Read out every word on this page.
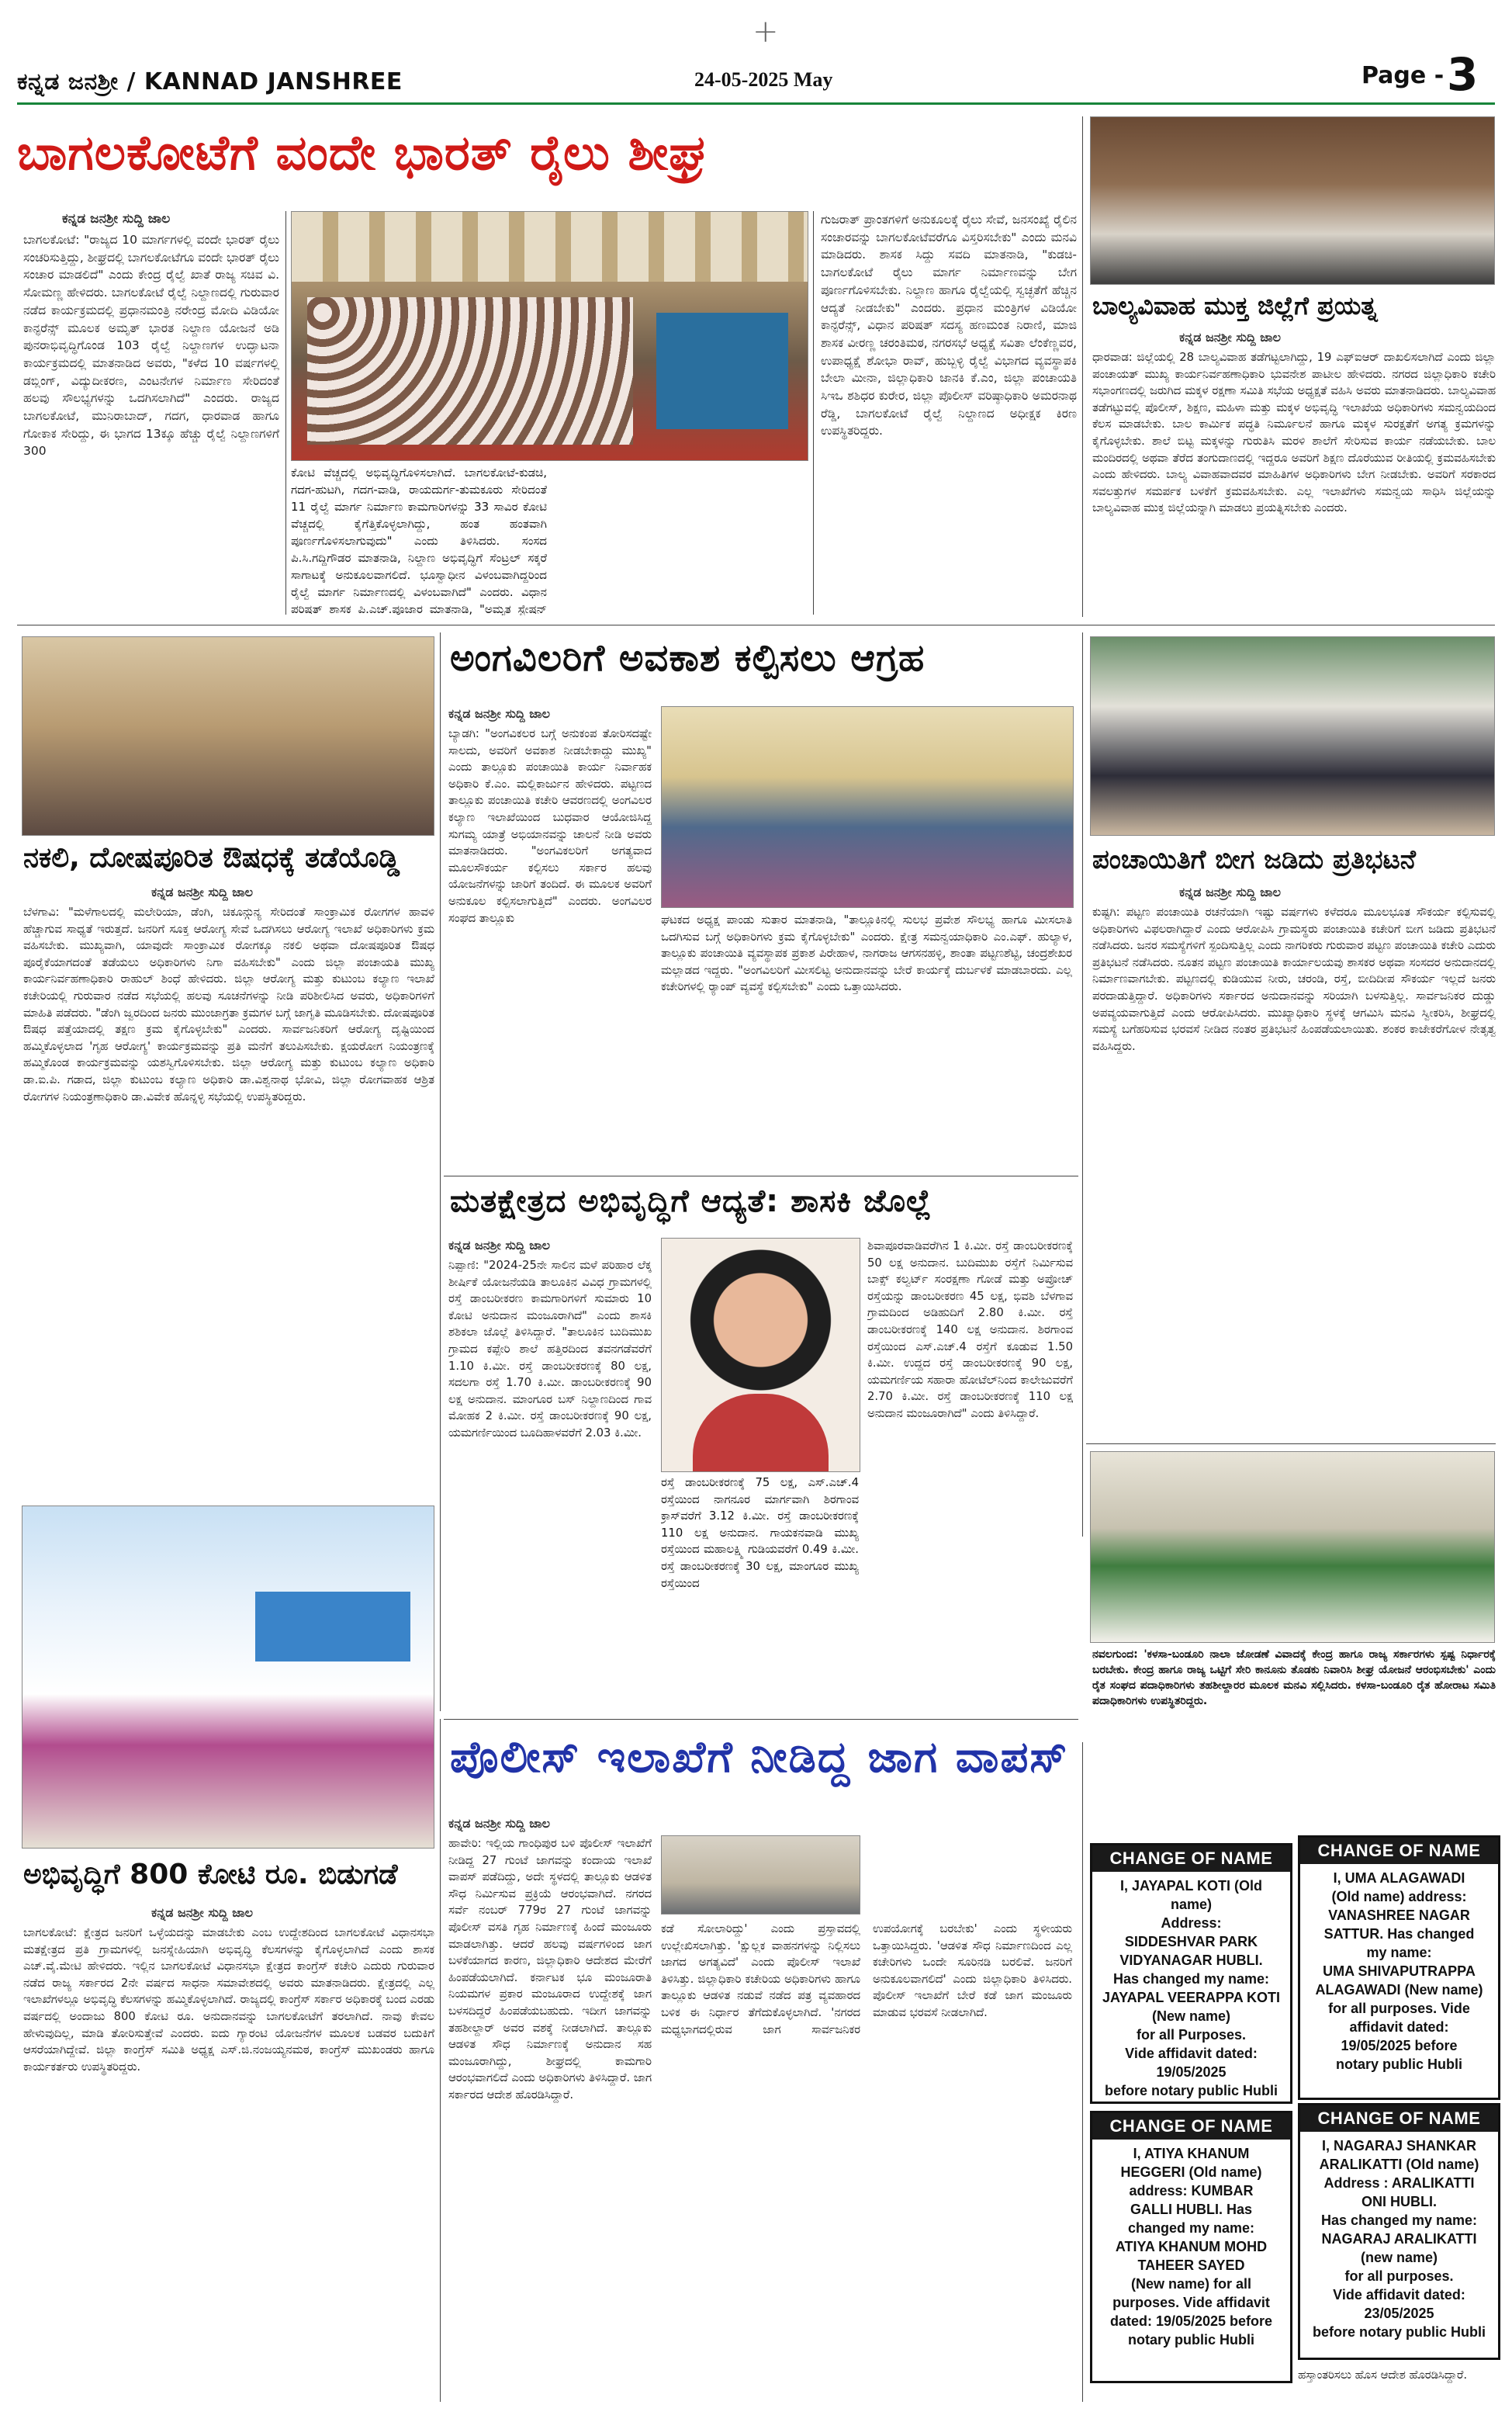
+
ಕನ್ನಡ ಜನಶ್ರೀ / KANNAD JANSHREE	24-05-2025 May	Page - 3
ಬಾಗಲಕೋಟೆಗೆ ವಂದೇ ಭಾರತ್ ರೈಲು ಶೀಘ್ರ
ಕನ್ನಡ ಜನಶ್ರೀ ಸುದ್ದಿ ಜಾಲ
ಬಾಗಲಕೋಟೆ: "ರಾಜ್ಯದ 10 ಮಾರ್ಗಗಳಲ್ಲಿ ವಂದೇ ಭಾರತ್ ರೈಲು ಸಂಚರಿಸುತ್ತಿದ್ದು, ಶೀಘ್ರದಲ್ಲಿ ಬಾಗಲಕೋಟೆಗೂ ವಂದೇ ಭಾರತ್ ರೈಲು ಸಂಚಾರ ಮಾಡಲಿದೆ" ಎಂದು ಕೇಂದ್ರ ರೈಲ್ವೆ ಖಾತೆ ರಾಜ್ಯ ಸಚಿವ ವಿ. ಸೋಮಣ್ಣ ಹೇಳಿದರು. ಬಾಗಲಕೋಟೆ ರೈಲ್ವೆ ನಿಲ್ದಾಣದಲ್ಲಿ ಗುರುವಾರ ನಡೆದ ಕಾರ್ಯಕ್ರಮದಲ್ಲಿ ಪ್ರಧಾನಮಂತ್ರಿ ನರೇಂದ್ರ ಮೋದಿ ವಿಡಿಯೋ ಕಾನ್ಫರೆನ್ಸ್ ಮೂಲಕ ಅಮೃತ್ ಭಾರತ ನಿಲ್ದಾಣ ಯೋಜನೆ ಅಡಿ ಪುನರಾಭಿವೃದ್ಧಿಗೊಂಡ 103 ರೈಲ್ವೆ ನಿಲ್ದಾಣಗಳ ಉದ್ಘಾಟನಾ ಕಾರ್ಯಕ್ರಮದಲ್ಲಿ ಮಾತನಾಡಿದ ಅವರು, "ಕಳೆದ 10 ವರ್ಷಗಳಲ್ಲಿ ಡಬ್ಲಿಂಗ್, ವಿದ್ಯುದೀಕರಣ, ಎಂಟನೇಗಳ ನಿರ್ಮಾಣ ಸೇರಿದಂತೆ ಹಲವು ಸೌಲಭ್ಯಗಳನ್ನು ಒದಗಿಸಲಾಗಿದೆ" ಎಂದರು. ರಾಜ್ಯದ ಬಾಗಲಕೋಟೆ, ಮುನಿರಾಬಾದ್, ಗದಗ, ಧಾರವಾಡ ಹಾಗೂ ಗೋಕಾಕ ಸೇರಿದ್ದು, ಈ ಭಾಗದ 13ಕ್ಕೂ ಹೆಚ್ಚು ರೈಲ್ವೆ ನಿಲ್ದಾಣಗಳಿಗೆ 300
ಕೋಟಿ ವೆಚ್ಚದಲ್ಲಿ ಅಭಿವೃದ್ಧಿಗೊಳಿಸಲಾಗಿದೆ. ಬಾಗಲಕೋಟೆ-ಕುಡಚಿ, ಗದಗ-ಹುಟಗಿ, ಗದಗ-ವಾಡಿ, ರಾಯದುರ್ಗ-ತುಮಕೂರು ಸೇರಿದಂತೆ 11 ರೈಲ್ವೆ ಮಾರ್ಗ ನಿರ್ಮಾಣ ಕಾಮಗಾರಿಗಳನ್ನು 33 ಸಾವಿರ ಕೋಟಿ ವೆಚ್ಚದಲ್ಲಿ ಕೈಗೆತ್ತಿಕೊಳ್ಳಲಾಗಿದ್ದು, ಹಂತ ಹಂತವಾಗಿ ಪೂರ್ಣಗೊಳಿಸಲಾಗುವುದು" ಎಂದು ತಿಳಿಸಿದರು. ಸಂಸದ ಪಿ.ಸಿ.ಗದ್ದಿಗೌಡರ ಮಾತನಾಡಿ, ನಿಲ್ದಾಣ ಅಭಿವೃದ್ಧಿಗೆ ಸೆಂಟ್ರಲ್ ಸಕ್ಕರೆ ಸಾಗಾಟಕ್ಕೆ ಅನುಕೂಲವಾಗಲಿದೆ. ಭೂಸ್ವಾಧೀನ ವಿಳಂಬವಾಗಿದ್ದರಿಂದ ರೈಲ್ವೆ ಮಾರ್ಗ ನಿರ್ಮಾಣದಲ್ಲಿ ವಿಳಂಬವಾಗಿದೆ" ಎಂದರು. ವಿಧಾನ ಪರಿಷತ್ ಶಾಸಕ ಪಿ.ಎಚ್.ಪೂಜಾರ ಮಾತನಾಡಿ, "ಅಮೃತ ಸ್ಟೇಷನ್
ಗುಜರಾತ್ ಪ್ರಾಂತಗಳಿಗೆ ಅನುಕೂಲಕ್ಕೆ ರೈಲು ಸೇವೆ, ಜನಸಂಖ್ಯೆ ರೈಲಿನ ಸಂಚಾರವನ್ನು ಬಾಗಲಕೋಟೆವರೆಗೂ ವಿಸ್ತರಿಸಬೇಕು" ಎಂದು ಮನವಿ ಮಾಡಿದರು. ಶಾಸಕ ಸಿದ್ದು ಸವದಿ ಮಾತನಾಡಿ, "ಕುಡಚಿ-ಬಾಗಲಕೋಟೆ ರೈಲು ಮಾರ್ಗ ನಿರ್ಮಾಣವನ್ನು ಬೇಗ ಪೂರ್ಣಗೊಳಿಸಬೇಕು. ನಿಲ್ದಾಣ ಹಾಗೂ ರೈಲ್ವೆಯಲ್ಲಿ ಸ್ವಚ್ಛತೆಗೆ ಹೆಚ್ಚಿನ ಆದ್ಯತೆ ನೀಡಬೇಕು" ಎಂದರು. ಪ್ರಧಾನ ಮಂತ್ರಿಗಳ ವಿಡಿಯೋ ಕಾನ್ಫರೆನ್ಸ್, ವಿಧಾನ ಪರಿಷತ್ ಸದಸ್ಯ ಹಣಮಂತ ನಿರಾಣಿ, ಮಾಜಿ ಶಾಸಕ ವೀರಣ್ಣ ಚರಂತಿಮಠ, ನಗರಸಭೆ ಅಧ್ಯಕ್ಷೆ ಸವಿತಾ ಲೆಂಕೆಣ್ಣವರ, ಉಪಾಧ್ಯಕ್ಷೆ ಶೋಭಾ ರಾವ್, ಹುಬ್ಬಳ್ಳಿ ರೈಲ್ವೆ ವಿಭಾಗದ ವ್ಯವಸ್ಥಾಪಕಿ ಬೇಲಾ ಮೀನಾ, ಜಿಲ್ಲಾಧಿಕಾರಿ ಜಾನಕಿ ಕೆ.ಎಂ, ಜಿಲ್ಲಾ ಪಂಚಾಯತಿ ಸಿಇಒ ಶಶಿಧರ ಕುರೇರ, ಜಿಲ್ಲಾ ಪೊಲೀಸ್ ವರಿಷ್ಠಾಧಿಕಾರಿ ಅಮರನಾಥ ರೆಡ್ಡಿ, ಬಾಗಲಕೋಟೆ ರೈಲ್ವೆ ನಿಲ್ದಾಣದ ಅಧೀಕ್ಷಕ ಕಿರಣ ಉಪಸ್ಥಿತರಿದ್ದರು.
ಬಾಲ್ಯವಿವಾಹ ಮುಕ್ತ ಜಿಲ್ಲೆಗೆ ಪ್ರಯತ್ನ
ಕನ್ನಡ ಜನಶ್ರೀ ಸುದ್ದಿ ಜಾಲ
ಧಾರವಾಡ: ಜಿಲ್ಲೆಯಲ್ಲಿ 28 ಬಾಲ್ಯವಿವಾಹ ತಡೆಗಟ್ಟಲಾಗಿದ್ದು, 19 ಎಫ್ಐಆರ್ ದಾಖಲಿಸಲಾಗಿದೆ ಎಂದು ಜಿಲ್ಲಾ ಪಂಚಾಯತ್ ಮುಖ್ಯ ಕಾರ್ಯನಿರ್ವಹಣಾಧಿಕಾರಿ ಭುವನೇಶ ಪಾಟೀಲ ಹೇಳಿದರು. ನಗರದ ಜಿಲ್ಲಾಧಿಕಾರಿ ಕಚೇರಿ ಸಭಾಂಗಣದಲ್ಲಿ ಜರುಗಿದ ಮಕ್ಕಳ ರಕ್ಷಣಾ ಸಮಿತಿ ಸಭೆಯ ಅಧ್ಯಕ್ಷತೆ ವಹಿಸಿ ಅವರು ಮಾತನಾಡಿದರು. ಬಾಲ್ಯವಿವಾಹ ತಡೆಗಟ್ಟುವಲ್ಲಿ ಪೊಲೀಸ್, ಶಿಕ್ಷಣ, ಮಹಿಳಾ ಮತ್ತು ಮಕ್ಕಳ ಅಭಿವೃದ್ಧಿ ಇಲಾಖೆಯ ಅಧಿಕಾರಿಗಳು ಸಮನ್ವಯದಿಂದ ಕೆಲಸ ಮಾಡಬೇಕು. ಬಾಲ ಕಾರ್ಮಿಕ ಪದ್ಧತಿ ನಿರ್ಮೂಲನೆ ಹಾಗೂ ಮಕ್ಕಳ ಸುರಕ್ಷತೆಗೆ ಅಗತ್ಯ ಕ್ರಮಗಳನ್ನು ಕೈಗೊಳ್ಳಬೇಕು. ಶಾಲೆ ಬಿಟ್ಟ ಮಕ್ಕಳನ್ನು ಗುರುತಿಸಿ ಮರಳಿ ಶಾಲೆಗೆ ಸೇರಿಸುವ ಕಾರ್ಯ ನಡೆಯಬೇಕು. ಬಾಲ ಮಂದಿರದಲ್ಲಿ ಅಥವಾ ತೆರೆದ ತಂಗುದಾಣದಲ್ಲಿ ಇದ್ದರೂ ಅವರಿಗೆ ಶಿಕ್ಷಣ ದೊರೆಯುವ ರೀತಿಯಲ್ಲಿ ಕ್ರಮವಹಿಸಬೇಕು ಎಂದು ಹೇಳಿದರು. ಬಾಲ್ಯ ವಿವಾಹವಾದವರ ಮಾಹಿತಿಗಳ ಅಧಿಕಾರಿಗಳು ಬೇಗ ನೀಡಬೇಕು. ಅವರಿಗೆ ಸರಕಾರದ ಸವಲತ್ತುಗಳ ಸಮರ್ಪಕ ಬಳಕೆಗೆ ಕ್ರಮವಹಿಸಬೇಕು. ಎಲ್ಲ ಇಲಾಖೆಗಳು ಸಮನ್ವಯ ಸಾಧಿಸಿ ಜಿಲ್ಲೆಯನ್ನು ಬಾಲ್ಯವಿವಾಹ ಮುಕ್ತ ಜಿಲ್ಲೆಯನ್ನಾಗಿ ಮಾಡಲು ಪ್ರಯತ್ನಿಸಬೇಕು ಎಂದರು.
ನಕಲಿ, ದೋಷಪೂರಿತ ಔಷಧಕ್ಕೆ ತಡೆಯೊಡ್ಡಿ
ಕನ್ನಡ ಜನಶ್ರೀ ಸುದ್ದಿ ಜಾಲ
ಬೆಳಗಾವಿ: "ಮಳೆಗಾಲದಲ್ಲಿ ಮಲೇರಿಯಾ, ಡೆಂಗಿ, ಚಿಕೂನ್ಗುನ್ಯ ಸೇರಿದಂತೆ ಸಾಂಕ್ರಾಮಿಕ ರೋಗಗಳ ಹಾವಳಿ ಹೆಚ್ಚಾಗುವ ಸಾಧ್ಯತೆ ಇರುತ್ತದೆ. ಜನರಿಗೆ ಸೂಕ್ತ ಆರೋಗ್ಯ ಸೇವೆ ಒದಗಿಸಲು ಆರೋಗ್ಯ ಇಲಾಖೆ ಅಧಿಕಾರಿಗಳು ಕ್ರಮ ವಹಿಸಬೇಕು. ಮುಖ್ಯವಾಗಿ, ಯಾವುದೇ ಸಾಂಕ್ರಾಮಿಕ ರೋಗಕ್ಕೂ ನಕಲಿ ಅಥವಾ ದೋಷಪೂರಿತ ಔಷಧ ಪೂರೈಕೆಯಾಗದಂತೆ ತಡೆಯಲು ಅಧಿಕಾರಿಗಳು ನಿಗಾ ವಹಿಸಬೇಕು" ಎಂದು ಜಿಲ್ಲಾ ಪಂಚಾಯತಿ ಮುಖ್ಯ ಕಾರ್ಯನಿರ್ವಹಣಾಧಿಕಾರಿ ರಾಹುಲ್ ಶಿಂಧೆ ಹೇಳಿದರು. ಜಿಲ್ಲಾ ಆರೋಗ್ಯ ಮತ್ತು ಕುಟುಂಬ ಕಲ್ಯಾಣ ಇಲಾಖೆ ಕಚೇರಿಯಲ್ಲಿ ಗುರುವಾರ ನಡೆದ ಸಭೆಯಲ್ಲಿ ಹಲವು ಸೂಚನೆಗಳನ್ನು ನೀಡಿ ಪರಿಶೀಲಿಸಿದ ಅವರು, ಅಧಿಕಾರಿಗಳಿಗೆ ಮಾಹಿತಿ ಪಡೆದರು. "ಡೆಂಗಿ ಜ್ವರದಿಂದ ಜನರು ಮುಂಜಾಗ್ರತಾ ಕ್ರಮಗಳ ಬಗ್ಗೆ ಜಾಗೃತಿ ಮೂಡಿಸಬೇಕು. ದೋಷಪೂರಿತ ಔಷಧ ಪತ್ತೆಯಾದಲ್ಲಿ ತಕ್ಷಣ ಕ್ರಮ ಕೈಗೊಳ್ಳಬೇಕು" ಎಂದರು. ಸಾರ್ವಜನಿಕರಿಗೆ ಆರೋಗ್ಯ ದೃಷ್ಟಿಯಿಂದ ಹಮ್ಮಿಕೊಳ್ಳಲಾದ 'ಗೃಹ ಆರೋಗ್ಯ' ಕಾರ್ಯಕ್ರಮವನ್ನು ಪ್ರತಿ ಮನೆಗೆ ತಲುಪಿಸಬೇಕು. ಕ್ಷಯರೋಗ ನಿಯಂತ್ರಣಕ್ಕೆ ಹಮ್ಮಿಕೊಂಡ ಕಾರ್ಯಕ್ರಮವನ್ನು ಯಶಸ್ವಿಗೊಳಿಸಬೇಕು. ಜಿಲ್ಲಾ ಆರೋಗ್ಯ ಮತ್ತು ಕುಟುಂಬ ಕಲ್ಯಾಣ ಅಧಿಕಾರಿ ಡಾ.ಐ.ಪಿ. ಗಡಾದ, ಜಿಲ್ಲಾ ಕುಟುಂಬ ಕಲ್ಯಾಣ ಅಧಿಕಾರಿ ಡಾ.ವಿಶ್ವನಾಥ ಭೋವಿ, ಜಿಲ್ಲಾ ರೋಗವಾಹಕ ಆಶ್ರಿತ ರೋಗಗಳ ನಿಯಂತ್ರಣಾಧಿಕಾರಿ ಡಾ.ವಿವೇಕ ಹೊನ್ನಳ್ಳಿ ಸಭೆಯಲ್ಲಿ ಉಪಸ್ಥಿತರಿದ್ದರು.
ಅಂಗವಿಲರಿಗೆ ಅವಕಾಶ ಕಲ್ಪಿಸಲು ಆಗ್ರಹ
ಕನ್ನಡ ಜನಶ್ರೀ ಸುದ್ದಿ ಜಾಲ
ಬ್ಯಾಡಗಿ: "ಅಂಗವಿಕಲರ ಬಗ್ಗೆ ಅನುಕಂಪ ತೋರಿಸದಷ್ಟೇ ಸಾಲದು, ಅವರಿಗೆ ಅವಕಾಶ ನೀಡಬೇಕಾದ್ದು ಮುಖ್ಯ" ಎಂದು ತಾಲ್ಲೂಕು ಪಂಚಾಯಿತಿ ಕಾರ್ಯ ನಿರ್ವಾಹಕ ಅಧಿಕಾರಿ ಕೆ.ಎಂ. ಮಲ್ಲಿಕಾರ್ಜುನ ಹೇಳಿದರು. ಪಟ್ಟಣದ ತಾಲ್ಲೂಕು ಪಂಚಾಯಿತಿ ಕಚೇರಿ ಆವರಣದಲ್ಲಿ ಅಂಗವಿಲರ ಕಲ್ಯಾಣ ಇಲಾಖೆಯಿಂದ ಬುಧವಾರ ಆಯೋಜಿಸಿದ್ದ ಸುಗಮ್ಯ ಯಾತ್ರೆ ಅಭಿಯಾನವನ್ನು ಚಾಲನೆ ನೀಡಿ ಅವರು ಮಾತನಾಡಿದರು. "ಅಂಗವಿಕಲರಿಗೆ ಅಗತ್ಯವಾದ ಮೂಲಸೌಕರ್ಯ ಕಲ್ಪಿಸಲು ಸರ್ಕಾರ ಹಲವು ಯೋಜನೆಗಳನ್ನು ಜಾರಿಗೆ ತಂದಿದೆ. ಈ ಮೂಲಕ ಅವರಿಗೆ ಅನುಕೂಲ ಕಲ್ಪಿಸಲಾಗುತ್ತಿದೆ" ಎಂದರು. ಅಂಗವಿಲರ ಸಂಘದ ತಾಲ್ಲೂಕು	ಘಟಕದ ಅಧ್ಯಕ್ಷ ಪಾಂಡು ಸುತಾರ ಮಾತನಾಡಿ, "ತಾಲ್ಲೂಕಿನಲ್ಲಿ ಸುಲಭ ಪ್ರವೇಶ ಸೌಲಭ್ಯ ಹಾಗೂ ಮೀಸಲಾತಿ ಒದಗಿಸುವ ಬಗ್ಗೆ ಅಧಿಕಾರಿಗಳು ಕ್ರಮ ಕೈಗೊಳ್ಳಬೇಕು" ಎಂದರು. ಕ್ಷೇತ್ರ ಸಮನ್ವಯಾಧಿಕಾರಿ ಎಂ.ಎಫ್. ಹುಲ್ಯಾಳ, ತಾಲ್ಲೂಕು ಪಂಚಾಯಿತಿ ವ್ಯವಸ್ಥಾಪಕ ಪ್ರಕಾಶ ಪಿರೇಹಾಳ, ನಾಗರಾಜ ಆಗಸನಹಳ್ಳಿ, ಶಾಂತಾ ಪಟ್ಟಣಶೆಟ್ಟಿ, ಚಂದ್ರಶೇಖರ ಮಲ್ಲಾಡದ ಇದ್ದರು. "ಅಂಗವಿಲರಿಗೆ ಮೀಸಲಿಟ್ಟ ಅನುದಾನವನ್ನು ಬೇರೆ ಕಾರ್ಯಕ್ಕೆ ದುರ್ಬಳಕೆ ಮಾಡಬಾರದು. ಎಲ್ಲ ಕಚೇರಿಗಳಲ್ಲಿ ರ್‍ಯಾಂಪ್ ವ್ಯವಸ್ಥೆ ಕಲ್ಪಿಸಬೇಕು" ಎಂದು ಒತ್ತಾಯಿಸಿದರು.
ಪಂಚಾಯಿತಿಗೆ ಬೀಗ ಜಡಿದು ಪ್ರತಿಭಟನೆ
ಕನ್ನಡ ಜನಶ್ರೀ ಸುದ್ದಿ ಜಾಲ
ಕುಷ್ಟಗಿ: ಪಟ್ಟಣ ಪಂಚಾಯಿತಿ ರಚನೆಯಾಗಿ ಇಷ್ಟು ವರ್ಷಗಳು ಕಳೆದರೂ ಮೂಲಭೂತ ಸೌಕರ್ಯ ಕಲ್ಪಿಸುವಲ್ಲಿ ಅಧಿಕಾರಿಗಳು ವಿಫಲರಾಗಿದ್ದಾರೆ ಎಂದು ಆರೋಪಿಸಿ ಗ್ರಾಮಸ್ಥರು ಪಂಚಾಯಿತಿ ಕಚೇರಿಗೆ ಬೀಗ ಜಡಿದು ಪ್ರತಿಭಟನೆ ನಡೆಸಿದರು. ಜನರ ಸಮಸ್ಯೆಗಳಿಗೆ ಸ್ಪಂದಿಸುತ್ತಿಲ್ಲ ಎಂದು ನಾಗರಿಕರು ಗುರುವಾರ ಪಟ್ಟಣ ಪಂಚಾಯಿತಿ ಕಚೇರಿ ಎದುರು ಪ್ರತಿಭಟನೆ ನಡೆಸಿದರು. ನೂತನ ಪಟ್ಟಣ ಪಂಚಾಯಿತಿ ಕಾರ್ಯಾಲಯವು ಶಾಸಕರ ಅಥವಾ ಸಂಸದರ ಅನುದಾನದಲ್ಲಿ ನಿರ್ಮಾಣವಾಗಬೇಕು. ಪಟ್ಟಣದಲ್ಲಿ ಕುಡಿಯುವ ನೀರು, ಚರಂಡಿ, ರಸ್ತೆ, ಬೀದಿದೀಪ ಸೌಕರ್ಯ ಇಲ್ಲದೆ ಜನರು ಪರದಾಡುತ್ತಿದ್ದಾರೆ. ಅಧಿಕಾರಿಗಳು ಸರ್ಕಾರದ ಅನುದಾನವನ್ನು ಸರಿಯಾಗಿ ಬಳಸುತ್ತಿಲ್ಲ. ಸಾರ್ವಜನಿಕರ ದುಡ್ಡು ಅಪವ್ಯಯವಾಗುತ್ತಿದೆ ಎಂದು ಆರೋಪಿಸಿದರು. ಮುಖ್ಯಾಧಿಕಾರಿ ಸ್ಥಳಕ್ಕೆ ಆಗಮಿಸಿ ಮನವಿ ಸ್ವೀಕರಿಸಿ, ಶೀಘ್ರದಲ್ಲಿ ಸಮಸ್ಯೆ ಬಗೆಹರಿಸುವ ಭರವಸೆ ನೀಡಿದ ನಂತರ ಪ್ರತಿಭಟನೆ ಹಿಂಪಡೆಯಲಾಯಿತು. ಶಂಕರ ಕಾಜೇಕರೆಗೋಳ ನೇತೃತ್ವ ವಹಿಸಿದ್ದರು.
ಮತಕ್ಷೇತ್ರದ ಅಭಿವೃದ್ಧಿಗೆ ಆದ್ಯತೆ: ಶಾಸಕಿ ಜೊಲ್ಲೆ
ಕನ್ನಡ ಜನಶ್ರೀ ಸುದ್ದಿ ಜಾಲ
ನಿಪ್ಪಾಣಿ: "2024-25ನೇ ಸಾಲಿನ ಮಳೆ ಪರಿಹಾರ ಲೆಕ್ಕ ಶೀರ್ಷಿಕೆ ಯೋಜನೆಯಡಿ ತಾಲೂಕಿನ ವಿವಿಧ ಗ್ರಾಮಗಳಲ್ಲಿ ರಸ್ತೆ ಡಾಂಬರೀಕರಣ ಕಾಮಗಾರಿಗಳಿಗೆ ಸುಮಾರು 10 ಕೋಟಿ ಅನುದಾನ ಮಂಜೂರಾಗಿದೆ" ಎಂದು ಶಾಸಕಿ ಶಶಿಕಲಾ ಜೊಲ್ಲೆ ತಿಳಿಸಿದ್ದಾರೆ. "ತಾಲೂಕಿನ ಬುದಿಮುಖ ಗ್ರಾಮದ ಕಪ್ಪೇರಿ ಶಾಲೆ ಹತ್ತಿರದಿಂದ ತವನಗಡೆವರೆಗೆ 1.10 ಕಿ.ಮೀ. ರಸ್ತೆ ಡಾಂಬರೀಕರಣಕ್ಕೆ 80 ಲಕ್ಷ, ಸದಲಗಾ ರಸ್ತೆ 1.70 ಕಿ.ಮೀ. ಡಾಂಬರೀಕರಣಕ್ಕೆ 90 ಲಕ್ಷ ಅನುದಾನ. ಮಾಂಗೂರ ಬಸ್ ನಿಲ್ದಾಣದಿಂದ ಗಾವ ಮೋಹಕ 2 ಕಿ.ಮೀ. ರಸ್ತೆ ಡಾಂಬರೀಕರಣಕ್ಕೆ 90 ಲಕ್ಷ, ಯಮಗರ್ಣಿಯಿಂದ ಬೂದಿಹಾಳವರೆಗೆ 2.03 ಕಿ.ಮೀ.
ರಸ್ತೆ ಡಾಂಬರೀಕರಣಕ್ಕೆ 75 ಲಕ್ಷ, ಎಸ್.ಎಚ್.4 ರಸ್ತೆಯಿಂದ ನಾಗನೂರ ಮಾರ್ಗವಾಗಿ ಶಿರಗಾಂವ ಕ್ರಾಸ್‌ವರೆಗೆ 3.12 ಕಿ.ಮೀ. ರಸ್ತೆ ಡಾಂಬರೀಕರಣಕ್ಕೆ 110 ಲಕ್ಷ ಅನುದಾನ. ಗಾಯಕನವಾಡಿ ಮುಖ್ಯ ರಸ್ತೆಯಿಂದ ಮಹಾಲಕ್ಷ್ಮಿ ಗುಡಿಯವರೆಗೆ 0.49 ಕಿ.ಮೀ. ರಸ್ತೆ ಡಾಂಬರೀಕರಣಕ್ಕೆ 30 ಲಕ್ಷ, ಮಾಂಗೂರ ಮುಖ್ಯ ರಸ್ತೆಯಿಂದ
ಶಿವಾಪೂರವಾಡಿವರೆಗಿನ 1 ಕಿ.ಮೀ. ರಸ್ತೆ ಡಾಂಬರೀಕರಣಕ್ಕೆ 50 ಲಕ್ಷ ಅನುದಾನ. ಬುದಿಮುಖ ರಸ್ತೆಗೆ ನಿರ್ಮಿಸುವ ಬಾಕ್ಸ್ ಕಲ್ವರ್ಟ್ ಸಂರಕ್ಷಣಾ ಗೋಡೆ ಮತ್ತು ಅಪ್ರೋಚ್ ರಸ್ತೆಯನ್ನು ಡಾಂಬರೀಕರಣ 45 ಲಕ್ಷ, ಭಿವಶಿ ಬೆಳಗಾವ ಗ್ರಾಮದಿಂದ ಅಡಿಹುದಿಗೆ 2.80 ಕಿ.ಮೀ. ರಸ್ತೆ ಡಾಂಬರೀಕರಣಕ್ಕೆ 140 ಲಕ್ಷ ಅನುದಾನ. ಶಿರಗಾಂವ ರಸ್ತೆಯಿಂದ ಎಸ್.ಎಚ್.4 ರಸ್ತೆಗೆ ಕೂಡುವ 1.50 ಕಿ.ಮೀ. ಉದ್ದದ ರಸ್ತೆ ಡಾಂಬರೀಕರಣಕ್ಕೆ 90 ಲಕ್ಷ, ಯಮಗರ್ಣಿಯ ಸಹಾರಾ ಹೋಟೆಲ್‌ನಿಂದ ಕಾಲೇಜುವರೆಗೆ 2.70 ಕಿ.ಮೀ. ರಸ್ತೆ ಡಾಂಬರೀಕರಣಕ್ಕೆ 110 ಲಕ್ಷ ಅನುದಾನ ಮಂಜೂರಾಗಿದೆ" ಎಂದು ತಿಳಿಸಿದ್ದಾರೆ.
ನವಲಗುಂದ: 'ಕಳಸಾ-ಬಂಡೂರಿ ನಾಲಾ ಜೋಡಣೆ ವಿವಾದಕ್ಕೆ ಕೇಂದ್ರ ಹಾಗೂ ರಾಜ್ಯ ಸರ್ಕಾರಗಳು ಸ್ಪಷ್ಟ ನಿರ್ಧಾರಕ್ಕೆ ಬರಬೇಕು. ಕೇಂದ್ರ ಹಾಗೂ ರಾಜ್ಯ ಒಟ್ಟಿಗೆ ಸೇರಿ ಕಾನೂನು ತೊಡಕು ನಿವಾರಿಸಿ ಶೀಘ್ರ ಯೋಜನೆ ಆರಂಭಿಸಬೇಕು' ಎಂದು ರೈತ ಸಂಘದ ಪದಾಧಿಕಾರಿಗಳು ತಹಶೀಲ್ದಾರರ ಮೂಲಕ ಮನವಿ ಸಲ್ಲಿಸಿದರು. ಕಳಸಾ-ಬಂಡೂರಿ ರೈತ ಹೋರಾಟ ಸಮಿತಿ ಪದಾಧಿಕಾರಿಗಳು ಉಪಸ್ಥಿತರಿದ್ದರು.
ಅಭಿವೃದ್ಧಿಗೆ 800 ಕೋಟಿ ರೂ. ಬಿಡುಗಡೆ
ಕನ್ನಡ ಜನಶ್ರೀ ಸುದ್ದಿ ಜಾಲ
ಬಾಗಲಕೋಟೆ: ಕ್ಷೇತ್ರದ ಜನರಿಗೆ ಒಳ್ಳೆಯದನ್ನು ಮಾಡಬೇಕು ಎಂಬ ಉದ್ದೇಶದಿಂದ ಬಾಗಲಕೋಟೆ ವಿಧಾನಸಭಾ ಮತಕ್ಷೇತ್ರದ ಪ್ರತಿ ಗ್ರಾಮಗಳಲ್ಲಿ ಜನಸ್ನೇಹಿಯಾಗಿ ಅಭಿವೃದ್ಧಿ ಕೆಲಸಗಳನ್ನು ಕೈಗೊಳ್ಳಲಾಗಿದೆ ಎಂದು ಶಾಸಕ ಎಚ್.ವೈ.ಮೇಟಿ ಹೇಳಿದರು. ಇಲ್ಲಿನ ಬಾಗಲಕೋಟೆ ವಿಧಾನಸಭಾ ಕ್ಷೇತ್ರದ ಕಾಂಗ್ರೆಸ್ ಕಚೇರಿ ಎದುರು ಗುರುವಾರ ನಡೆದ ರಾಜ್ಯ ಸರ್ಕಾರದ 2ನೇ ವರ್ಷದ ಸಾಧನಾ ಸಮಾವೇಶದಲ್ಲಿ ಅವರು ಮಾತನಾಡಿದರು. ಕ್ಷೇತ್ರದಲ್ಲಿ ಎಲ್ಲ ಇಲಾಖೆಗಳಲ್ಲೂ ಅಭಿವೃದ್ಧಿ ಕೆಲಸಗಳನ್ನು ಹಮ್ಮಿಕೊಳ್ಳಲಾಗಿದೆ. ರಾಜ್ಯದಲ್ಲಿ ಕಾಂಗ್ರೆಸ್ ಸರ್ಕಾರ ಅಧಿಕಾರಕ್ಕೆ ಬಂದ ಎರಡು ವರ್ಷದಲ್ಲಿ ಅಂದಾಜು 800 ಕೋಟಿ ರೂ. ಅನುದಾನವನ್ನು ಬಾಗಲಕೋಟೆಗೆ ತರಲಾಗಿದೆ. ನಾವು ಕೇವಲ ಹೇಳುವುದಿಲ್ಲ, ಮಾಡಿ ತೋರಿಸುತ್ತೇವೆ ಎಂದರು. ಐದು ಗ್ಯಾರಂಟಿ ಯೋಜನೆಗಳ ಮೂಲಕ ಬಡವರ ಬದುಕಿಗೆ ಆಸರೆಯಾಗಿದ್ದೇವೆ. ಜಿಲ್ಲಾ ಕಾಂಗ್ರೆಸ್ ಸಮಿತಿ ಅಧ್ಯಕ್ಷ ಎಸ್.ಜಿ.ನಂಜಯ್ಯನಮಠ, ಕಾಂಗ್ರೆಸ್ ಮುಖಂಡರು ಹಾಗೂ ಕಾರ್ಯಕರ್ತರು ಉಪಸ್ಥಿತರಿದ್ದರು.
ಪೊಲೀಸ್ ಇಲಾಖೆಗೆ ನೀಡಿದ್ದ ಜಾಗ ವಾಪಸ್
ಕನ್ನಡ ಜನಶ್ರೀ ಸುದ್ದಿ ಜಾಲ
ಹಾವೇರಿ: ಇಲ್ಲಿಯ ಗಾಂಧಿಪುರ ಬಳಿ ಪೊಲೀಸ್ ಇಲಾಖೆಗೆ ನೀಡಿದ್ದ 27 ಗುಂಟೆ ಜಾಗವನ್ನು ಕಂದಾಯ ಇಲಾಖೆ ವಾಪಸ್ ಪಡೆದಿದ್ದು, ಅದೇ ಸ್ಥಳದಲ್ಲಿ ತಾಲ್ಲೂಕು ಆಡಳಿತ ಸೌಧ ನಿರ್ಮಿಸುವ ಪ್ರಕ್ರಿಯೆ ಆರಂಭವಾಗಿದೆ. ನಗರದ ಸರ್ವೆ ನಂಬರ್ 779ರ 27 ಗುಂಟೆ ಜಾಗವನ್ನು ಪೊಲೀಸ್ ವಸತಿ ಗೃಹ ನಿರ್ಮಾಣಕ್ಕೆ ಹಿಂದೆ ಮಂಜೂರು ಮಾಡಲಾಗಿತ್ತು. ಆದರೆ ಹಲವು ವರ್ಷಗಳಿಂದ ಜಾಗ ಬಳಕೆಯಾಗದ ಕಾರಣ, ಜಿಲ್ಲಾಧಿಕಾರಿ ಆದೇಶದ ಮೇರೆಗೆ ಹಿಂಪಡೆಯಲಾಗಿದೆ. ಕರ್ನಾಟಕ ಭೂ ಮಂಜೂರಾತಿ ನಿಯಮಗಳ ಪ್ರಕಾರ ಮಂಜೂರಾದ ಉದ್ದೇಶಕ್ಕೆ ಜಾಗ ಬಳಸದಿದ್ದರೆ ಹಿಂಪಡೆಯಬಹುದು. ಇದೀಗ ಜಾಗವನ್ನು ತಹಶೀಲ್ದಾರ್ ಅವರ ವಶಕ್ಕೆ ನೀಡಲಾಗಿದೆ. ತಾಲ್ಲೂಕು ಆಡಳಿತ ಸೌಧ ನಿರ್ಮಾಣಕ್ಕೆ ಅನುದಾನ ಸಹ ಮಂಜೂರಾಗಿದ್ದು, ಶೀಘ್ರದಲ್ಲಿ ಕಾಮಗಾರಿ ಆರಂಭವಾಗಲಿದೆ ಎಂದು ಅಧಿಕಾರಿಗಳು ತಿಳಿಸಿದ್ದಾರೆ. ಜಾಗ ಸರ್ಕಾರದ ಆದೇಶ ಹೊರಡಿಸಿದ್ದಾರೆ.
ಕಡೆ ಸೋಲಾರಿದ್ದು' ಎಂದು ಪ್ರಸ್ತಾವದಲ್ಲಿ ಉಲ್ಲೇಖಿಸಲಾಗಿತ್ತು. 'ಕ್ಷುಲ್ಲಕ ವಾಹನಗಳನ್ನು ನಿಲ್ಲಿಸಲು ಜಾಗದ ಅಗತ್ಯವಿದೆ' ಎಂದು ಪೊಲೀಸ್ ಇಲಾಖೆ ತಿಳಿಸಿತ್ತು. ಜಿಲ್ಲಾಧಿಕಾರಿ ಕಚೇರಿಯ ಅಧಿಕಾರಿಗಳು ಹಾಗೂ ತಾಲ್ಲೂಕು ಆಡಳಿತ ನಡುವೆ ನಡೆದ ಪತ್ರ ವ್ಯವಹಾರದ ಬಳಿಕ ಈ ನಿರ್ಧಾರ ತೆಗೆದುಕೊಳ್ಳಲಾಗಿದೆ. 'ನಗರದ ಮಧ್ಯಭಾಗದಲ್ಲಿರುವ ಜಾಗ ಸಾರ್ವಜನಿಕರ ಉಪಯೋಗಕ್ಕೆ ಬರಬೇಕು' ಎಂದು ಸ್ಥಳೀಯರು ಒತ್ತಾಯಿಸಿದ್ದರು. 'ಆಡಳಿತ ಸೌಧ ನಿರ್ಮಾಣದಿಂದ ಎಲ್ಲ ಕಚೇರಿಗಳು ಒಂದೇ ಸೂರಿನಡಿ ಬರಲಿವೆ. ಜನರಿಗೆ ಅನುಕೂಲವಾಗಲಿದೆ' ಎಂದು ಜಿಲ್ಲಾಧಿಕಾರಿ ತಿಳಿಸಿದರು. ಪೊಲೀಸ್ ಇಲಾಖೆಗೆ ಬೇರೆ ಕಡೆ ಜಾಗ ಮಂಜೂರು ಮಾಡುವ ಭರವಸೆ ನೀಡಲಾಗಿದೆ.
CHANGE OF NAME
I, JAYAPAL KOTI (Old name)
Address:
SIDDESHVAR PARK
VIDYANAGAR HUBLI.
Has changed my name:
JAYAPAL VEERAPPA KOTI
(New name)
for all Purposes.
Vide affidavit dated:
19/05/2025
before notary public Hubli
CHANGE OF NAME
I, UMA ALAGAWADI
(Old name) address:
VANASHREE NAGAR
SATTUR. Has changed
my name:
UMA SHIVAPUTRAPPA
ALAGAWADI (New name)
for all purposes. Vide
affidavit dated:
19/05/2025 before
notary public Hubli
CHANGE OF NAME
I, ATIYA KHANUM
HEGGERI (Old name)
address: KUMBAR
GALLI HUBLI. Has
changed my name:
ATIYA KHANUM MOHD
TAHEER SAYED
(New name) for all
purposes. Vide affidavit
dated: 19/05/2025 before
notary public Hubli
CHANGE OF NAME
I, NAGARAJ SHANKAR
ARALIKATTI (Old name)
Address : ARALIKATTI
ONI HUBLI.
Has changed my name:
NAGARAJ ARALIKATTI
(new name)
for all purposes.
Vide affidavit dated:
23/05/2025
before notary public Hubli
ಹಸ್ತಾಂತರಿಸಲು ಹೊಸ ಆದೇಶ ಹೊರಡಿಸಿದ್ದಾರೆ.
